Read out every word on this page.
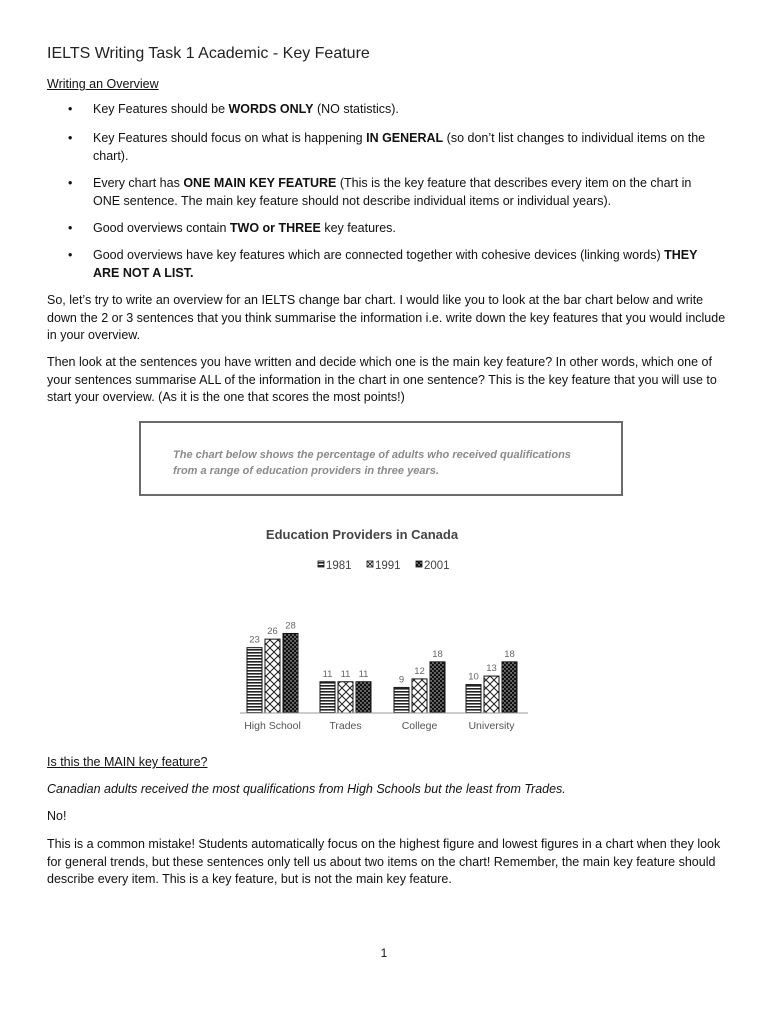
IELTS Writing Task 1 Academic - Key Feature
Writing an Overview
• Key Features should be WORDS ONLY (NO statistics).
• Key Features should focus on what is happening IN GENERAL (so don’t list changes to individual items on the chart).
• Every chart has ONE MAIN KEY FEATURE (This is the key feature that describes every item on the chart in ONE sentence. The main key feature should not describe individual items or individual years).
• Good overviews contain TWO or THREE key features.
• Good overviews have key features which are connected together with cohesive devices (linking words) THEY ARE NOT A LIST.

So, let’s try to write an overview for an IELTS change bar chart. I would like you to look at the bar chart below and write down the 2 or 3 sentences that you think summarise the information i.e. write down the key features that you would include in your overview.

Then look at the sentences you have written and decide which one is the main key feature? In other words, which one of your sentences summarise ALL of the information in the chart in one sentence? This is the key feature that you will use to start your overview. (As it is the one that scores the most points!)

The chart below shows the percentage of adults who received qualifications from a range of education providers in three years.

Education Providers in Canada
1981 1991 2001
23
26
28
11 11 11
9
12
18
10
13
18
High School	Trades	College	University
Is this the MAIN key feature?

Canadian adults received the most qualifications from High Schools but the least from Trades.

No!

This is a common mistake! Students automatically focus on the highest figure and lowest figures in a chart when they look for general trends, but these sentences only tell us about two items on the chart! Remember, the main key feature should describe every item. This is a key feature, but is not the main key feature.

1
